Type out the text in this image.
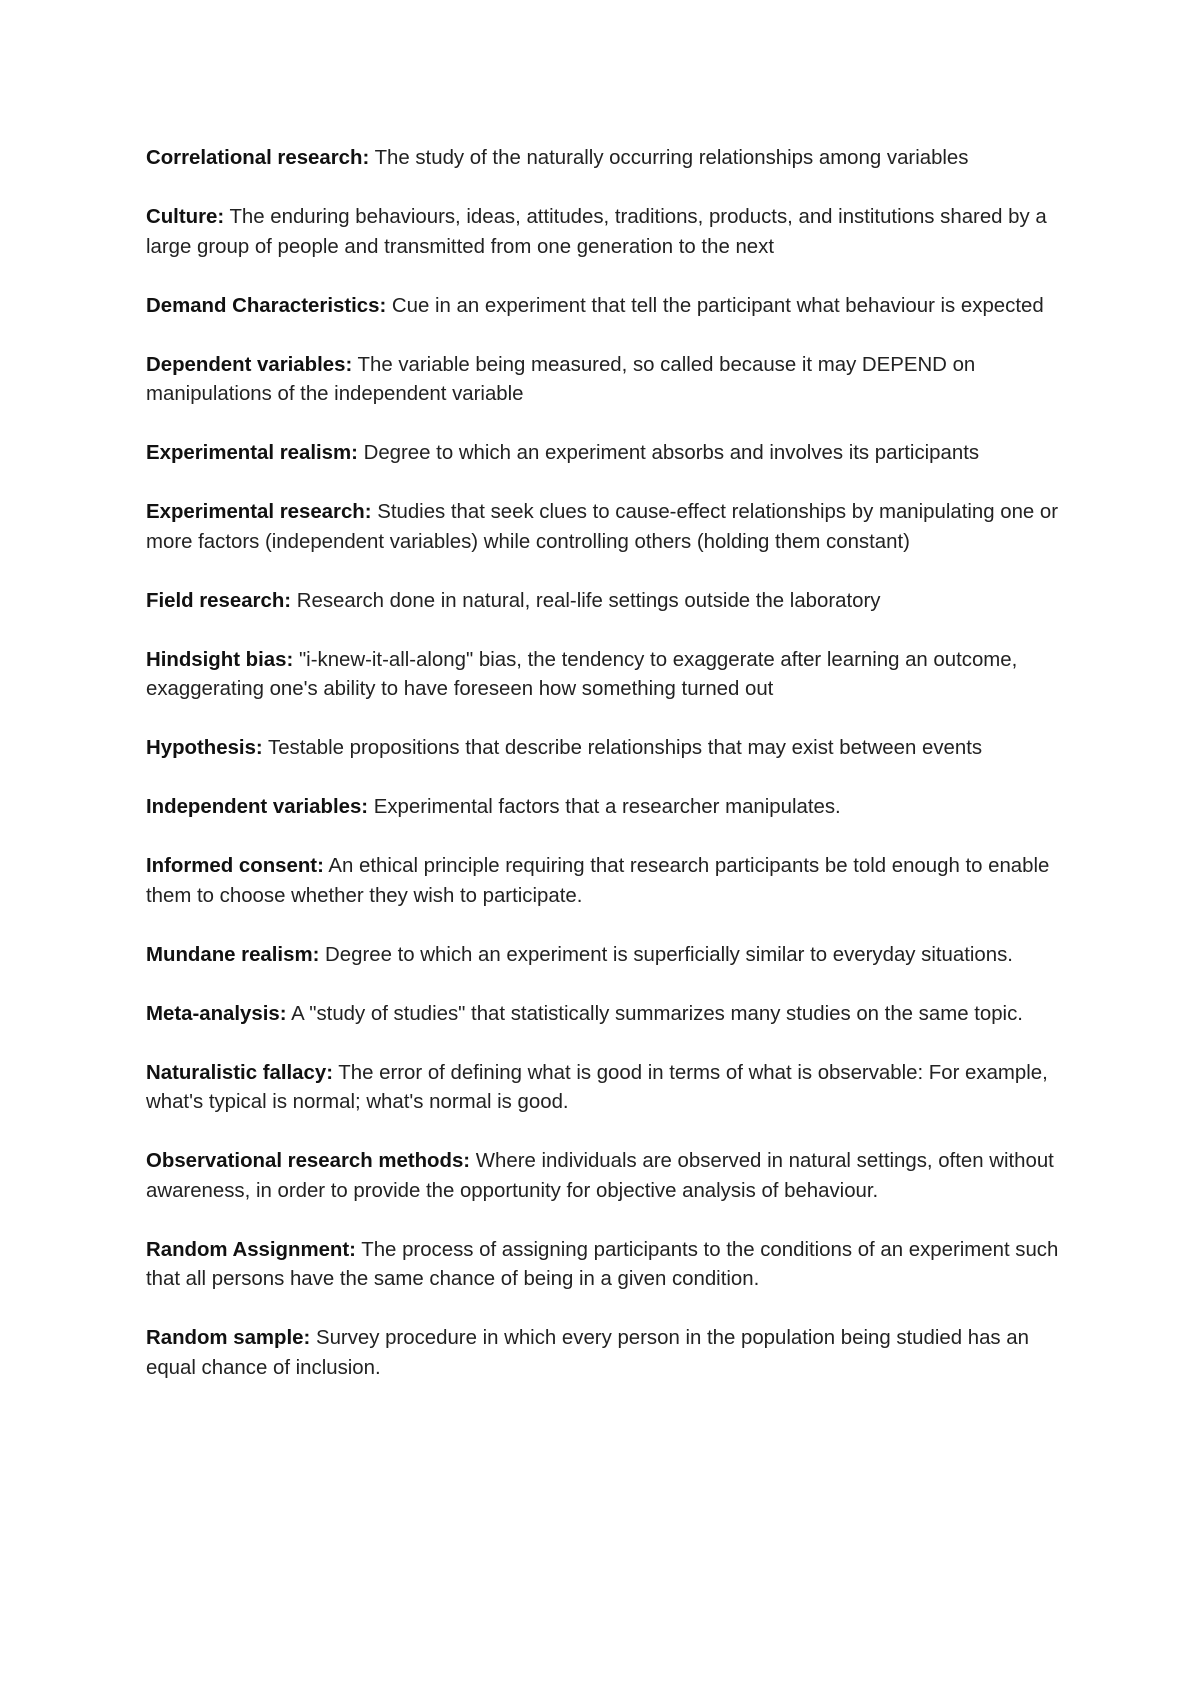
Correlational research: The study of the naturally occurring relationships among variables

Culture: The enduring behaviours, ideas, attitudes, traditions, products, and institutions shared by a large group of people and transmitted from one generation to the next

Demand Characteristics: Cue in an experiment that tell the participant what behaviour is expected

Dependent variables: The variable being measured, so called because it may DEPEND on manipulations of the independent variable

Experimental realism: Degree to which an experiment absorbs and involves its participants

Experimental research: Studies that seek clues to cause-effect relationships by manipulating one or more factors (independent variables) while controlling others (holding them constant)

Field research: Research done in natural, real-life settings outside the laboratory

Hindsight bias: "i-knew-it-all-along" bias, the tendency to exaggerate after learning an outcome, exaggerating one's ability to have foreseen how something turned out

Hypothesis: Testable propositions that describe relationships that may exist between events

Independent variables: Experimental factors that a researcher manipulates.

Informed consent: An ethical principle requiring that research participants be told enough to enable them to choose whether they wish to participate.

Mundane realism: Degree to which an experiment is superficially similar to everyday situations.

Meta-analysis: A "study of studies" that statistically summarizes many studies on the same topic.

Naturalistic fallacy: The error of defining what is good in terms of what is observable: For example, what's typical is normal; what's normal is good.

Observational research methods: Where individuals are observed in natural settings, often without awareness, in order to provide the opportunity for objective analysis of behaviour.

Random Assignment: The process of assigning participants to the conditions of an experiment such that all persons have the same chance of being in a given condition.

Random sample: Survey procedure in which every person in the population being studied has an equal chance of inclusion.
